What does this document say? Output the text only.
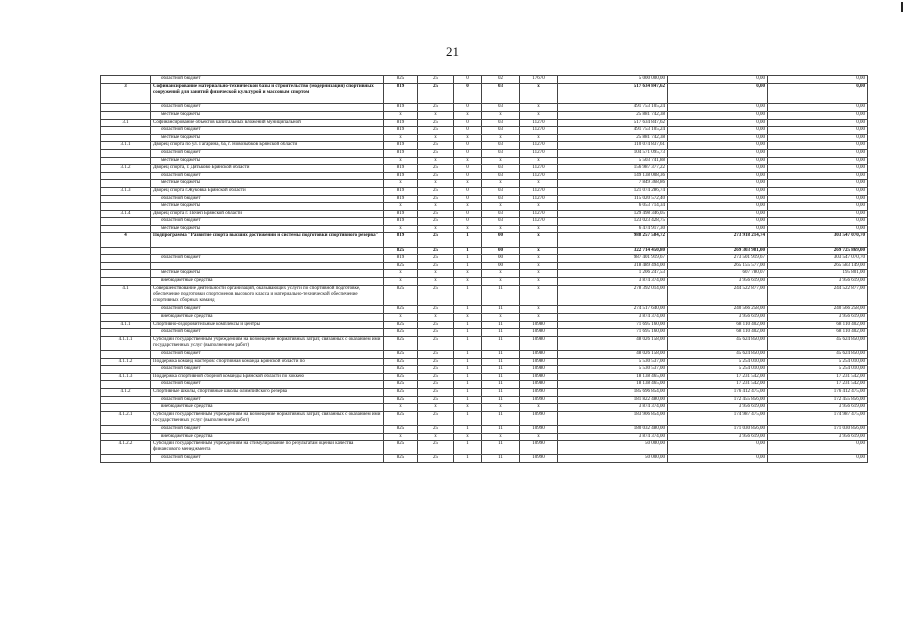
21
	областной бюджет	825	25	0	02	17670	5 000 000,00	0,00	0,00
3	Софинансирование материально-технической базы и строительство (модернизация) спортивных сооружений для занятий физической культурой и массовым спортом	819	25	0	03	x	517 634 847,62	0,00	0,00
	областной бюджет	819	25	0	03	x	491 753 105,24	0,00	0,00
	местные бюджеты	x	x	x	x	x	25 881 742,38	0,00	0,00
3.1	Софинансирование объектов капитальных вложений муниципальной	819	25	0	03	11270	517 634 847,62	0,00	0,00
	областной бюджет	819	25	0	03	11270	491 753 105,24	0,00	0,00
	местные бюджеты	x	x	x	x	x	25 881 742,38	0,00	0,00
3.1.1	Дворец спорта по ул. Гагарина, 6а, г. Новозыбков Брянской области	819	25	0	03	11270	110 074 837,61	0,00	0,00
	областной бюджет	819	25	0	03	11270	104 571 095,73	0,00	0,00
	местные бюджеты	x	x	x	x	x	5 503 741,88	0,00	0,00
3.1.2	Дворец спорта, г. Дятьково Брянской области	819	25	0	03	11270	156 987 377,22	0,00	0,00
	областной бюджет	819	25	0	03	11270	149 138 008,36	0,00	0,00
	местные бюджеты	x	x	x	x	x	7 849 368,86	0,00	0,00
3.1.3	Дворец спорта г.Жуковка Брянской области	819	25	0	03	11270	121 074 286,74	0,00	0,00
	областной бюджет	819	25	0	03	11270	115 020 572,40	0,00	0,00
	местные бюджеты	x	x	x	x	x	6 053 714,34	0,00	0,00
3.1.4	Дворец спорта г. Почеп Брянской области	819	25	0	03	11270	129 498 346,05	0,00	0,00
	областной бюджет	819	25	0	03	11270	123 023 428,75	0,00	0,00
	местные бюджеты	x	x	x	x	x	6 474 917,30	0,00	0,00
4	Подпрограмма "Развитие спорта высших достижений и системы подготовки спортивного резерва"	819	25	1	00	x	988 257 584,72	273 918 214,74	303 547 070,70
		825	25	1	00	x	322 714 450,80	269 303 981,00	269 725 869,00
	областной бюджет	819	25	1	00	x	987 401 919,67	273 501 919,67	303 547 070,70
		825	25	1	00	x	318 489 494,00	265 155 577,00	265 583 149,00
	местные бюджеты	x	x	x	x	x	1 206 247,53	607 780,07	195 801,00
	внебюджетные средства	x	x	x	x	x	3 874 374,00	3 956 619,00	3 956 619,00
4.1	Совершенствование деятельности организаций, оказывающих услуги по спортивной подготовке, обеспечение подготовки спортсменов высокого класса и материально-технической обеспечение спортивных сборных команд	825	25	1	11	x	278 392 014,00	244 522 877,00	244 522 877,00
	областной бюджет	825	25	1	11	x	274 517 640,00	240 566 258,00	240 566 258,00
	внебюджетные средства	x	x	x	x	x	3 874 374,00	3 956 619,00	3 956 619,00
4.1.1	Спортивно-оздоровительные комплексы и центры	825	25	1	11	10980	71 695 160,00	68 110 402,00	68 110 402,00
	областной бюджет	825	25	1	11	10980	71 695 160,00	68 110 402,00	68 110 402,00
4.1.1.1	Субсидии государственным учреждениям на возмещение нормативных затрат, связанных с оказанием ими государственных услуг (выполнением работ)	825	25	1	11	10980	48 026 158,00	45 624 850,00	45 624 850,00
	областной бюджет	825	25	1	11	10980	48 026 158,00	45 624 850,00	45 624 850,00
4.1.1.2	Поддержка команд мастеров: спортивная команда Брянской области по	825	25	1	11	10980	5 530 537,00	5 254 010,00	5 254 010,00
	областной бюджет	825	25	1	11	10980	5 530 537,00	5 254 010,00	5 254 010,00
4.1.1.3	Поддержка спортивной сборной команды Брянской области по хоккею	825	25	1	11	10980	18 138 465,00	17 231 542,00	17 231 542,00
	областной бюджет	825	25	1	11	10980	18 138 465,00	17 231 542,00	17 231 542,00
4.1.2	Спортивные школы, спортивные школы олимпийского резерва	825	25	1	11	10990	185 696 854,00	176 412 475,00	176 412 475,00
	областной бюджет	825	25	1	11	10990	181 822 480,00	172 455 856,00	172 455 856,00
	внебюджетные средства	x	x	x	x	x	3 874 374,00	3 956 619,00	3 956 619,00
4.1.2.1	Субсидии государственным учреждениям на возмещение нормативных затрат, связанных с оказанием ими государственных услуг (выполнением работ)	825	25	1	11	10990	183 906 854,00	174 987 475,00	174 987 475,00
	областной бюджет	825	25	1	11	10990	180 032 480,00	171 030 856,00	171 030 856,00
	внебюджетные средства	x	x	x	x	x	3 874 374,00	3 956 619,00	3 956 619,00
4.1.2.2	Субсидии государственным учреждениям на стимулирование по результатам оценки качества финансового менеджмента	825	25	1	11	10990	50 000,00	0,00	0,00
	областной бюджет	825	25	1	11	10990	50 000,00	0,00	0,00
